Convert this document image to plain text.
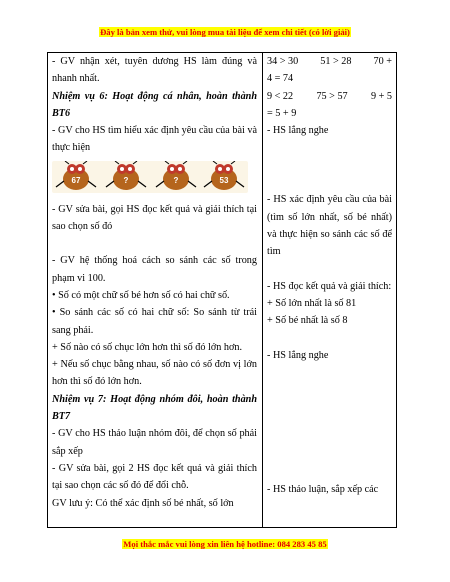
Đây là bản xem thử, vui lòng mua tài liệu để xem chi tiết (có lời giải)

- GV nhận xét, tuyên dương HS làm đúng và nhanh nhất.

Nhiệm vụ 6: Hoạt động cá nhân, hoàn thành BT6

- GV cho HS tìm hiểu xác định yêu cầu của bài và thực hiện

67	?	?	53

- GV sửa bài, gọi HS đọc kết quả và giải thích tại sao chọn số đó

- GV hệ thống hoá cách so sánh các số trong phạm vi 100.

• Số có một chữ số bé hơn số có hai chữ số.

• So sánh các số có hai chữ số: So sánh từ trái sang phải.

+ Số nào có số chục lớn hơn thì số đó lớn hơn.

+ Nếu số chục bằng nhau, số nào có số đơn vị lớn hơn thì số đó lớn hơn.

Nhiệm vụ 7: Hoạt động nhóm đôi, hoàn thành BT7

- GV cho HS thảo luận nhóm đôi, để chọn số phải sắp xếp

- GV sửa bài, gọi 2 HS đọc kết quả và giải thích tại sao chọn các số đó để đổi chỗ.

GV lưu ý: Có thể xác định số bé nhất, số lớn

34 > 30 51 > 28 70 +

4 = 74

9 < 22 75 > 57 9 + 5

= 5 + 9

- HS lắng nghe

- HS xác định yêu cầu của bài (tìm số lớn nhất, số bé nhất) và thực hiện so sánh các số để tìm

- HS đọc kết quả và giải thích:

+ Số lớn nhất là số 81

+ Số bé nhất là số 8

- HS lắng nghe

- HS thảo luận, sắp xếp các

Mọi thắc mắc vui lòng xin liên hệ hotline: 084 283 45 85
